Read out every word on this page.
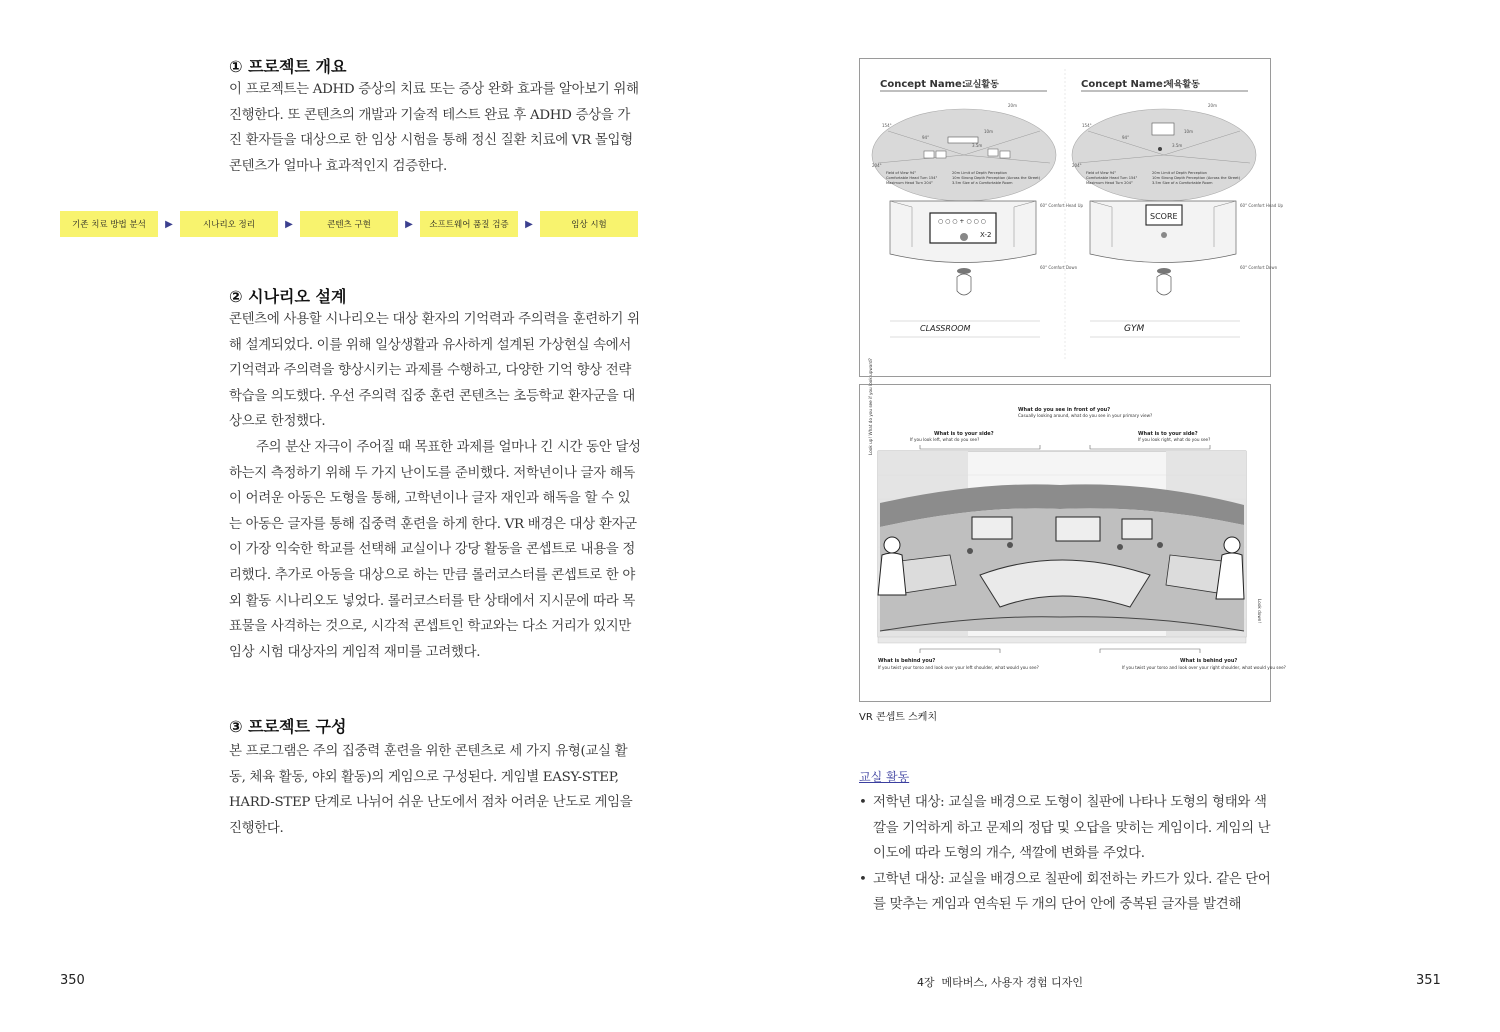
① 프로젝트 개요

이 프로젝트는 ADHD 증상의 치료 또는 증상 완화 효과를 알아보기 위해 진행한다. 또 콘텐츠의 개발과 기술적 테스트 완료 후 ADHD 증상을 가진 환자들을 대상으로 한 임상 시험을 통해 정신 질환 치료에 VR 몰입형 콘텐츠가 얼마나 효과적인지 검증한다.

기존 치료 방법 분석	▶	시나리오 정리	▶	콘텐츠 구현	▶	소프트웨어 품질 검증	▶	임상 시험
② 시나리오 설계

콘텐츠에 사용할 시나리오는 대상 환자의 기억력과 주의력을 훈련하기 위해 설계되었다. 이를 위해 일상생활과 유사하게 설계된 가상현실 속에서 기억력과 주의력을 향상시키는 과제를 수행하고, 다양한 기억 향상 전략 학습을 의도했다. 우선 주의력 집중 훈련 콘텐츠는 초등학교 환자군을 대상으로 한정했다.

주의 분산 자극이 주어질 때 목표한 과제를 얼마나 긴 시간 동안 달성하는지 측정하기 위해 두 가지 난이도를 준비했다. 저학년이나 글자 해독이 어려운 아동은 도형을 통해, 고학년이나 글자 재인과 해독을 할 수 있는 아동은 글자를 통해 집중력 훈련을 하게 한다. VR 배경은 대상 환자군이 가장 익숙한 학교를 선택해 교실이나 강당 활동을 콘셉트로 내용을 정리했다. 추가로 아동을 대상으로 하는 만큼 롤러코스터를 콘셉트로 한 야외 활동 시나리오도 넣었다. 롤러코스터를 탄 상태에서 지시문에 따라 목표물을 사격하는 것으로, 시각적 콘셉트인 학교와는 다소 거리가 있지만 임상 시험 대상자의 게임적 재미를 고려했다.

③ 프로젝트 구성

본 프로그램은 주의 집중력 훈련을 위한 콘텐츠로 세 가지 유형(교실 활동, 체육 활동, 야외 활동)의 게임으로 구성된다. 게임별 EASY-STEP, HARD-STEP 단계로 나뉘어 쉬운 난도에서 점차 어려운 난도로 게임을 진행한다.

350
Concept Name:
교실활동
154°
94°
204°
20m
10m
3.5m
Field of View 94°
Comfortable Head Turn 154°
Maximum Head Turn 204°
20m Limit of Depth Perception
10m Strong Depth Perception (Across the Street)
3.5m Size of a Comfortable Room
○ ○ ○ + ○ ○ ○
X-2
60° Comfort Head Up
60° Comfort Down
CLASSROOM
Concept Name:
체육활동
154°
94°
204°
20m
10m
3.5m
Field of View 94°
Comfortable Head Turn 154°
Maximum Head Turn 204°
20m Limit of Depth Perception
10m Strong Depth Perception (Across the Street)
3.5m Size of a Comfortable Room
SCORE
60° Comfort Head Up
60° Comfort Down
GYM
What do you see in front of you?
Casually looking around, what do you see in your primary view?
What is to your side?
If you look left, what do you see?
What is to your side?
If you look right, what do you see?
Look up! What do you see if you look upward?
Look down!
What is behind you?
If you twist your torso and look over your left shoulder, what would you see?
What is behind you?
If you twist your torso and look over your right shoulder, what would you see?
VR 콘셉트 스케치
교실 활동
• 저학년 대상: 교실을 배경으로 도형이 칠판에 나타나 도형의 형태와 색깔을 기억하게 하고 문제의 정답 및 오답을 맞히는 게임이다. 게임의 난이도에 따라 도형의 개수, 색깔에 변화를 주었다.
• 고학년 대상: 교실을 배경으로 칠판에 회전하는 카드가 있다. 같은 단어를 맞추는 게임과 연속된 두 개의 단어 안에 중복된 글자를 발견해
4장  메타버스, 사용자 경험 디자인	351
